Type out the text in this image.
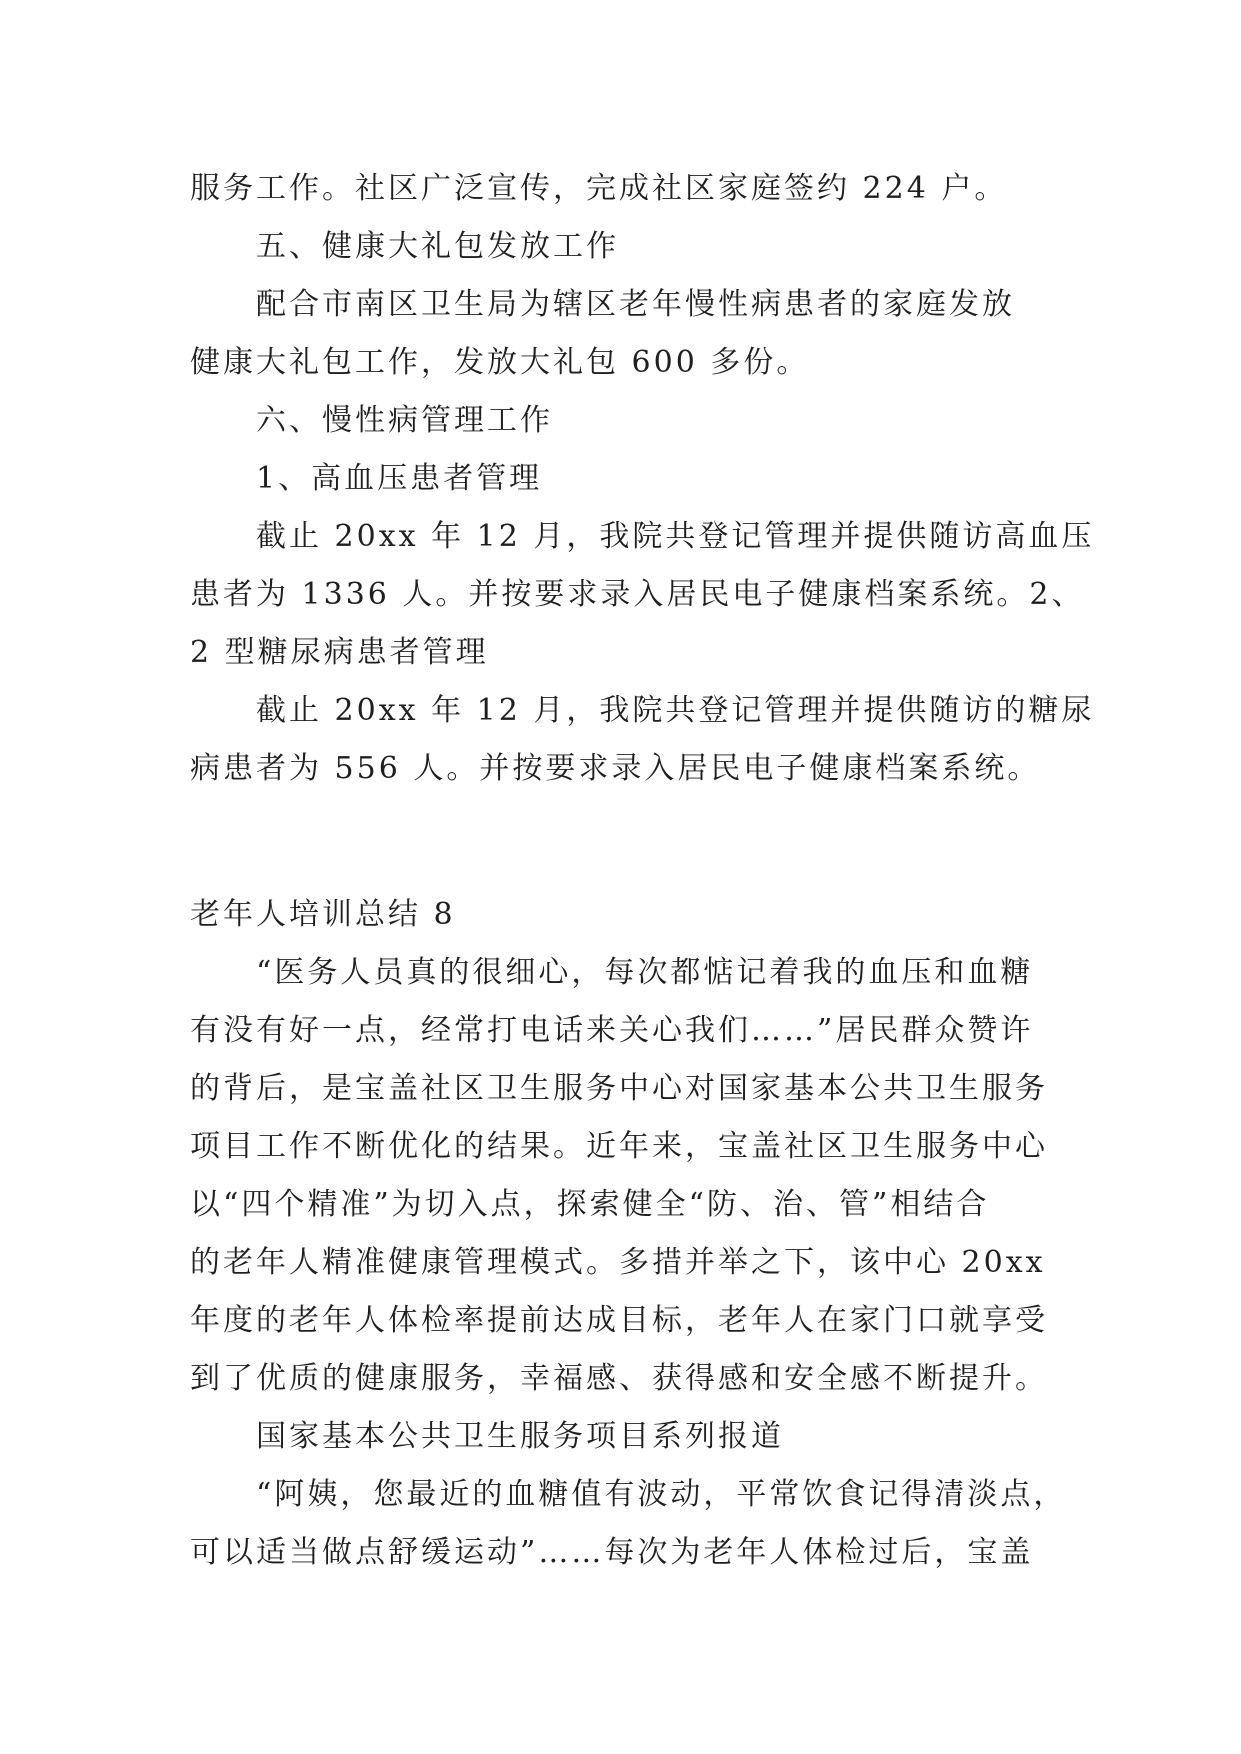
服务工作。社区广泛宣传，完成社区家庭签约 224 户。
五、健康大礼包发放工作
配合市南区卫生局为辖区老年慢性病患者的家庭发放
健康大礼包工作，发放大礼包 600 多份。
六、慢性病管理工作
1、高血压患者管理
截止 20xx 年 12 月，我院共登记管理并提供随访高血压
患者为 1336 人。并按要求录入居民电子健康档案系统。2、
2 型糖尿病患者管理
截止 20xx 年 12 月，我院共登记管理并提供随访的糖尿
病患者为 556 人。并按要求录入居民电子健康档案系统。
老年人培训总结 8
“医务人员真的很细心，每次都惦记着我的血压和血糖
有没有好一点，经常打电话来关心我们……”居民群众赞许
的背后，是宝盖社区卫生服务中心对国家基本公共卫生服务
项目工作不断优化的结果。近年来，宝盖社区卫生服务中心
以“四个精准”为切入点，探索健全“防、治、管”相结合
的老年人精准健康管理模式。多措并举之下，该中心 20xx
年度的老年人体检率提前达成目标，老年人在家门口就享受
到了优质的健康服务，幸福感、获得感和安全感不断提升。
国家基本公共卫生服务项目系列报道
“阿姨，您最近的血糖值有波动，平常饮食记得清淡点，
可以适当做点舒缓运动”……每次为老年人体检过后，宝盖
